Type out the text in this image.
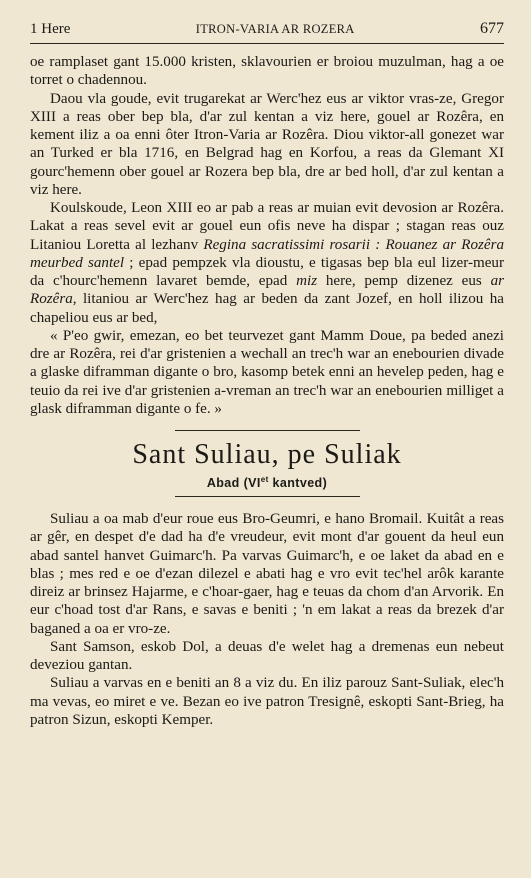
1 Here	ITRON-VARIA AR ROZERA	677

oe ramplaset gant 15.000 kristen, sklavourien er broiou muzulman, hag a oe torret o chadennou.

Daou vla goude, evit trugarekat ar Werc'hez eus ar viktor vras-ze, Gregor XIII a reas ober bep bla, d'ar zul kentan a viz here, gouel ar Rozêra, en kement iliz a oa enni ôter Itron-Varia ar Rozêra. Diou viktor-all gonezet war an Turked er bla 1716, en Belgrad hag en Korfou, a reas da Glemant XI gourc'hemenn ober gouel ar Rozera bep bla, dre ar bed holl, d'ar zul kentan a viz here.

Koulskoude, Leon XIII eo ar pab a reas ar muian evit devosion ar Rozêra. Lakat a reas sevel evit ar gouel eun ofis neve ha dispar ; stagan reas ouz Litaniou Loretta al lezhanv Regina sacratissimi rosarii : Rouanez ar Rozêra meurbed santel ; epad pempzek vla dioustu, e tigasas bep bla eul lizer-meur da c'hourc'hemenn lavaret bemde, epad miz here, pemp dizenez eus ar Rozêra, litaniou ar Werc'hez hag ar beden da zant Jozef, en holl ilizou ha chapeliou eus ar bed,

« P'eo gwir, emezan, eo bet teurvezet gant Mamm Doue, pa beded anezi dre ar Rozêra, rei d'ar gristenien a wechall an trec'h war an enebourien divade a glaske diframman digante o bro, kasomp betek enni an hevelep peden, hag e teuio da rei ive d'ar gristenien a-vreman an trec'h war an enebourien milliget a glask diframman digante o fe. »

Sant Suliau, pe Suliak
Abad ($VI^{et}$ kantved)

Suliau a oa mab d'eur roue eus Bro-Geumri, e hano Bromail. Kuitât a reas ar gêr, en despet d'e dad ha d'e vreudeur, evit mont d'ar gouent da heul eun abad santel hanvet Guimarc'h. Pa varvas Guimarc'h, e oe laket da abad en e blas ; mes red e oe d'ezan dilezel e abati hag e vro evit tec'hel arôk karante direiz ar brinsez Hajarme, e c'hoar-gaer, hag e teuas da chom d'an Arvorik. En eur c'hoad tost d'ar Rans, e savas e beniti ; 'n em lakat a reas da brezek d'ar baganed a oa er vro-ze.

Sant Samson, eskob Dol, a deuas d'e welet hag a dremenas eun nebeut deveziou gantan.

Suliau a varvas en e beniti an 8 a viz du. En iliz parouz Sant-Suliak, elec'h ma vevas, eo miret e ve. Bezan eo ive patron Tresignê, eskopti Sant-Brieg, ha patron Sizun, eskopti Kemper.
